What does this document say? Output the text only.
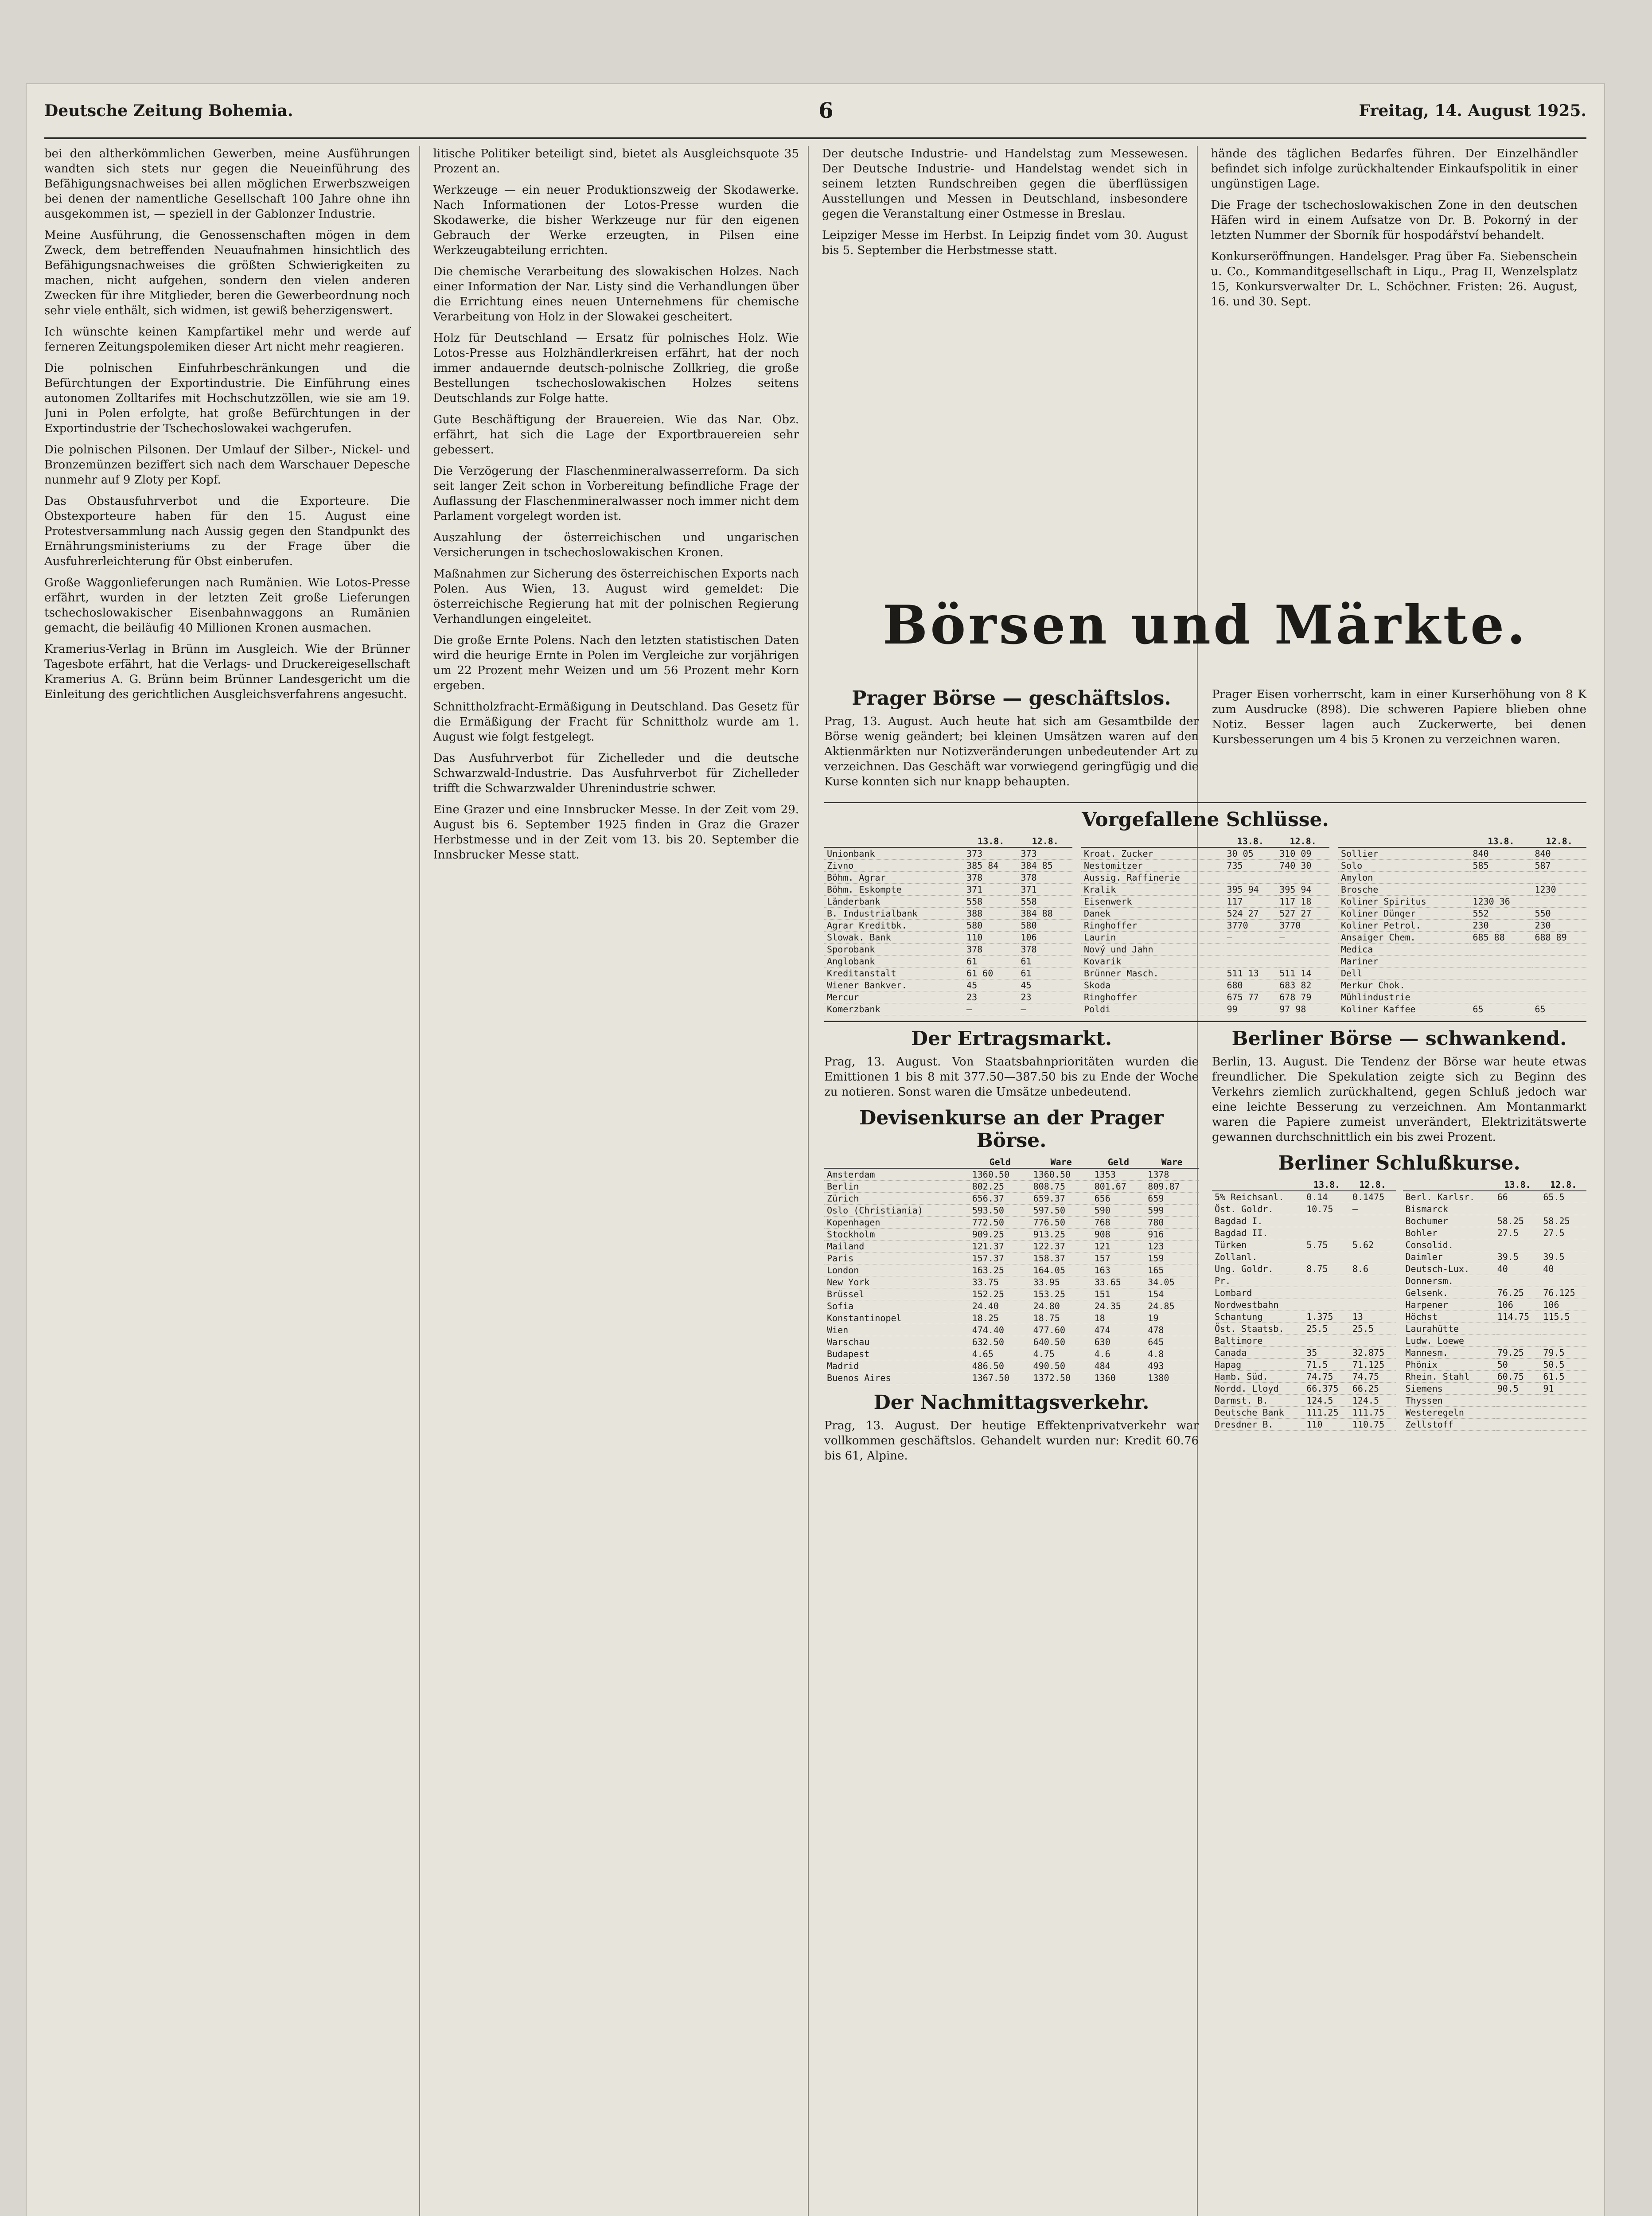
Deutsche Zeitung Bohemia.	6	Freitag, 14. August 1925.

bei den altherkömmlichen Gewerben, meine Ausführungen wandten sich stets nur gegen die Neueinführung des Befähigungsnachweises bei allen möglichen Erwerbszweigen bei denen der namentliche Gesellschaft 100 Jahre ohne ihn ausgekommen ist, — speziell in der Gablonzer Industrie.

Meine Ausführung, die Genossenschaften mögen in dem Zweck, dem betreffenden Neuaufnahmen hinsichtlich des Befähigungsnachweises die größten Schwierigkeiten zu machen, nicht aufgehen, sondern den vielen anderen Zwecken für ihre Mitglieder, beren die Gewerbeordnung noch sehr viele enthält, sich widmen, ist gewiß beherzigenswert.

Ich wünschte keinen Kampfartikel mehr und werde auf ferneren Zeitungspolemiken dieser Art nicht mehr reagieren.

Die polnischen Einfuhrbeschränkungen und die Befürchtungen der Exportindustrie. Die Einführung eines autonomen Zolltarifes mit Hochschutzzöllen, wie sie am 19. Juni in Polen erfolgte, hat große Befürchtungen in der Exportindustrie der Tschechoslowakei wachgerufen.

Die polnischen Pilsonen. Der Umlauf der Silber-, Nickel- und Bronzemünzen beziffert sich nach dem Warschauer Depesche nunmehr auf 9 Zloty per Kopf.

Das Obstausfuhrverbot und die Exporteure. Die Obstexporteure haben für den 15. August eine Protestversammlung nach Aussig gegen den Standpunkt des Ernährungsministeriums zu der Frage über die Ausfuhrerleichterung für Obst einberufen.

Große Waggonlieferungen nach Rumänien. Wie Lotos-Presse erfährt, wurden in der letzten Zeit große Lieferungen tschechoslowakischer Eisenbahnwaggons an Rumänien gemacht, die beiläufig 40 Millionen Kronen ausmachen.

Kramerius-Verlag in Brünn im Ausgleich. Wie der Brünner Tagesbote erfährt, hat die Verlags- und Druckereigesellschaft Kramerius A. G. Brünn beim Brünner Landesgericht um die Einleitung des gerichtlichen Ausgleichsverfahrens angesucht.

litische Politiker beteiligt sind, bietet als Ausgleichsquote 35 Prozent an.

Werkzeuge — ein neuer Produktionszweig der Skodawerke. Nach Informationen der Lotos-Presse wurden die Skodawerke, die bisher Werkzeuge nur für den eigenen Gebrauch der Werke erzeugten, in Pilsen eine Werkzeugabteilung errichten.

Die chemische Verarbeitung des slowakischen Holzes. Nach einer Information der Nar. Listy sind die Verhandlungen über die Errichtung eines neuen Unternehmens für chemische Verarbeitung von Holz in der Slowakei gescheitert.

Holz für Deutschland — Ersatz für polnisches Holz. Wie Lotos-Presse aus Holzhändlerkreisen erfährt, hat der noch immer andauernde deutsch-polnische Zollkrieg, die große Bestellungen tschechoslowakischen Holzes seitens Deutschlands zur Folge hatte.

Gute Beschäftigung der Brauereien. Wie das Nar. Obz. erfährt, hat sich die Lage der Exportbrauereien sehr gebessert.

Die Verzögerung der Flaschenmineralwasserreform. Da sich seit langer Zeit schon in Vorbereitung befindliche Frage der Auflassung der Flaschenmineralwasser noch immer nicht dem Parlament vorgelegt worden ist.

Auszahlung der österreichischen und ungarischen Versicherungen in tschechoslowakischen Kronen.

Maßnahmen zur Sicherung des österreichischen Exports nach Polen. Aus Wien, 13. August wird gemeldet: Die österreichische Regierung hat mit der polnischen Regierung Verhandlungen eingeleitet.

Die große Ernte Polens. Nach den letzten statistischen Daten wird die heurige Ernte in Polen im Vergleiche zur vorjährigen um 22 Prozent mehr Weizen und um 56 Prozent mehr Korn ergeben.

Schnittholzfracht-Ermäßigung in Deutschland. Das Gesetz für die Ermäßigung der Fracht für Schnittholz wurde am 1. August wie folgt festgelegt.

Das Ausfuhrverbot für Zichelleder und die deutsche Schwarzwald-Industrie. Das Ausfuhrverbot für Zichelleder trifft die Schwarzwalder Uhrenindustrie schwer.

Eine Grazer und eine Innsbrucker Messe. In der Zeit vom 29. August bis 6. September 1925 finden in Graz die Grazer Herbstmesse und in der Zeit vom 13. bis 20. September die Innsbrucker Messe statt.

Der deutsche Industrie- und Handelstag zum Messewesen. Der Deutsche Industrie- und Handelstag wendet sich in seinem letzten Rundschreiben gegen die überflüssigen Ausstellungen und Messen in Deutschland, insbesondere gegen die Veranstaltung einer Ostmesse in Breslau.

Leipziger Messe im Herbst. In Leipzig findet vom 30. August bis 5. September die Herbstmesse statt.

hände des täglichen Bedarfes führen. Der Einzelhändler befindet sich infolge zurückhaltender Einkaufspolitik in einer ungünstigen Lage.

Die Frage der tschechoslowakischen Zone in den deutschen Häfen wird in einem Aufsatze von Dr. B. Pokorný in der letzten Nummer der Sborník für hospodářství behandelt.

Konkurseröffnungen. Handelsger. Prag über Fa. Siebenschein u. Co., Kommanditgesellschaft in Liqu., Prag II, Wenzelsplatz 15, Konkursverwalter Dr. L. Schöchner. Fristen: 26. August, 16. und 30. Sept.

Börsen und Märkte.
Prager Börse — geschäftslos.

Prag, 13. August. Auch heute hat sich am Gesamtbilde der Börse wenig geändert; bei kleinen Umsätzen waren auf den Aktienmärkten nur Notizveränderungen unbedeutender Art zu verzeichnen. Das Geschäft war vorwiegend geringfügig und die Kurse konnten sich nur knapp behaupten.

Prager Eisen vorherrscht, kam in einer Kurserhöhung von 8 K zum Ausdrucke (898). Die schweren Papiere blieben ohne Notiz. Besser lagen auch Zuckerwerte, bei denen Kursbesserungen um 4 bis 5 Kronen zu verzeichnen waren.

Vorgefallene Schlüsse.
	13.8.	12.8.
Unionbank	373	373
Zivno	385 84	384 85
Böhm. Agrar	378	378
Böhm. Eskompte	371	371
Länderbank	558	558
B. Industrialbank	388	384 88
Agrar Kreditbk.	580	580
Slowak. Bank	110	106
Sporobank	378	378
Anglobank	61	61
Kreditanstalt	61 60	61
Wiener Bankver.	45	45
Mercur	23	23
Komerzbank	—	—
	13.8.	12.8.
Kroat. Zucker	30 05	310 09
Nestomitzer	735	740 30
Aussig. Raffinerie		
Kralik	395 94	395 94
Eisenwerk	117	117 18
Danek	524 27	527 27
Ringhoffer	3770	3770
Laurin	—	—
Nový und Jahn		
Kovarik		
Brünner Masch.	511 13	511 14
Skoda	680	683 82
Ringhoffer	675 77	678 79
Poldi	99	97 98
	13.8.	12.8.
Sollier	840	840
Solo	585	587
Amylon		
Brosche		1230
Koliner Spiritus	1230 36	
Koliner Dünger	552	550
Koliner Petrol.	230	230
Ansaiger Chem.	685 88	688 89
Medica		
Mariner		
Dell		
Merkur Chok.		
Mühlindustrie		
Koliner Kaffee	65	65
Der Ertragsmarkt.

Prag, 13. August. Von Staatsbahnprioritäten wurden die Emittionen 1 bis 8 mit 377.50—387.50 bis zu Ende der Woche zu notieren. Sonst waren die Umsätze unbedeutend.

Devisenkurse an der Prager Börse.
	Geld	Ware	Geld	Ware
Amsterdam	1360.50	1360.50	1353	1378
Berlin	802.25	808.75	801.67	809.87
Zürich	656.37	659.37	656	659
Oslo (Christiania)	593.50	597.50	590	599
Kopenhagen	772.50	776.50	768	780
Stockholm	909.25	913.25	908	916
Mailand	121.37	122.37	121	123
Paris	157.37	158.37	157	159
London	163.25	164.05	163	165
New York	33.75	33.95	33.65	34.05
Brüssel	152.25	153.25	151	154
Sofia	24.40	24.80	24.35	24.85
Konstantinopel	18.25	18.75	18	19
Wien	474.40	477.60	474	478
Warschau	632.50	640.50	630	645
Budapest	4.65	4.75	4.6	4.8
Madrid	486.50	490.50	484	493
Buenos Aires	1367.50	1372.50	1360	1380
Der Nachmittagsverkehr.

Prag, 13. August. Der heutige Effektenprivatverkehr war vollkommen geschäftslos. Gehandelt wurden nur: Kredit 60.76 bis 61, Alpine.

Berliner Börse — schwankend.

Berlin, 13. August. Die Tendenz der Börse war heute etwas freundlicher. Die Spekulation zeigte sich zu Beginn des Verkehrs ziemlich zurückhaltend, gegen Schluß jedoch war eine leichte Besserung zu verzeichnen. Am Montanmarkt waren die Papiere zumeist unverändert, Elektrizitätswerte gewannen durchschnittlich ein bis zwei Prozent.

Berliner Schlußkurse.
	13.8.	12.8.
5% Reichsanl.	0.14	0.1475
Öst. Goldr.	10.75	—
Bagdad I.		
Bagdad II.		
Türken	5.75	5.62
Zollanl.		
Ung. Goldr.	8.75	8.6
Pr.		
Lombard		
Nordwestbahn		
Schantung	1.375	13
Öst. Staatsb.	25.5	25.5
Baltimore		
Canada	35	32.875
Hapag	71.5	71.125
Hamb. Süd.	74.75	74.75
Nordd. Lloyd	66.375	66.25
Darmst. B.	124.5	124.5
Deutsche Bank	111.25	111.75
Dresdner B.	110	110.75
	13.8.	12.8.
Berl. Karlsr.	66	65.5
Bismarck		
Bochumer	58.25	58.25
Bohler	27.5	27.5
Consolid.		
Daimler	39.5	39.5
Deutsch-Lux.	40	40
Donnersm.		
Gelsenk.	76.25	76.125
Harpener	106	106
Höchst	114.75	115.5
Laurahütte		
Ludw. Loewe		
Mannesm.	79.25	79.5
Phönix	50	50.5
Rhein. Stahl	60.75	61.5
Siemens	90.5	91
Thyssen		
Westeregeln		
Zellstoff		
